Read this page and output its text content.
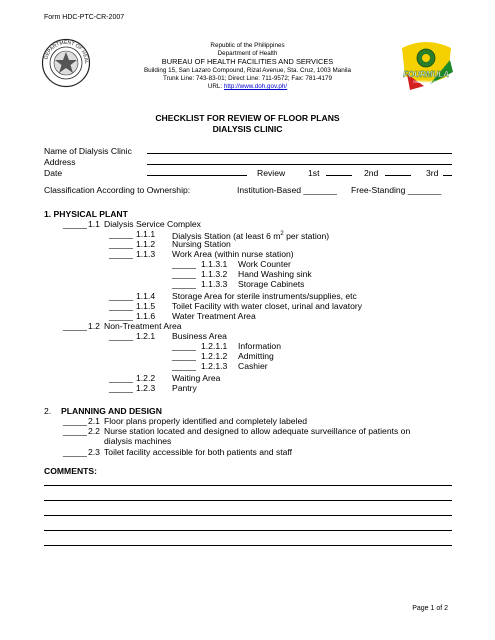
Form HDC-PTC-CR-2007
DEPARTMENT OF HEAL
Republic of the Philippines
Department of Health
BUREAU OF HEALTH FACILITIES AND SERVICES
Building 15, San Lazaro Compound, Rizal Avenue, Sta. Cruz, 1003 Manila
Trunk Line: 743-83-01; Direct Line: 711-9572; Fax: 781-4179
URL: http://www.doh.gov.ph/
FOURMULA
ONE FOR HEALTH
CHECKLIST FOR REVIEW OF FLOOR PLANS
DIALYSIS CLINIC
Name of Dialysis Clinic
Address
Date	Review	1st	2nd	3rd
Classification According to Ownership:	Institution-Based _______ Free-Standing _______
1. PHYSICAL PLANT
_____ 1.1 Dialysis Service Complex
_____ 1.1.1 Dialysis Station (at least 6 $m^2$ per station)
_____ 1.1.2 Nursing Station
_____ 1.1.3 Work Area (within nurse station)
_____ 1.1.3.1 Work Counter
_____ 1.1.3.2 Hand Washing sink
_____ 1.1.3.3 Storage Cabinets
_____ 1.1.4 Storage Area for sterile instruments/supplies, etc
_____ 1.1.5 Toilet Facility with water closet, urinal and lavatory
_____ 1.1.6 Water Treatment Area
_____ 1.2 Non-Treatment Area
_____ 1.2.1 Business Area
_____ 1.2.1.1 Information
_____ 1.2.1.2 Admitting
_____ 1.2.1.3 Cashier
_____ 1.2.2 Waiting Area
_____ 1.2.3 Pantry
2. PLANNING AND DESIGN
_____ 2.1 Floor plans properly identified and completely labeled
_____ 2.2 Nurse station located and designed to allow adequate surveillance of patients on
dialysis machines
_____ 2.3 Toilet facility accessible for both patients and staff
COMMENTS:
Page 1 of 2
